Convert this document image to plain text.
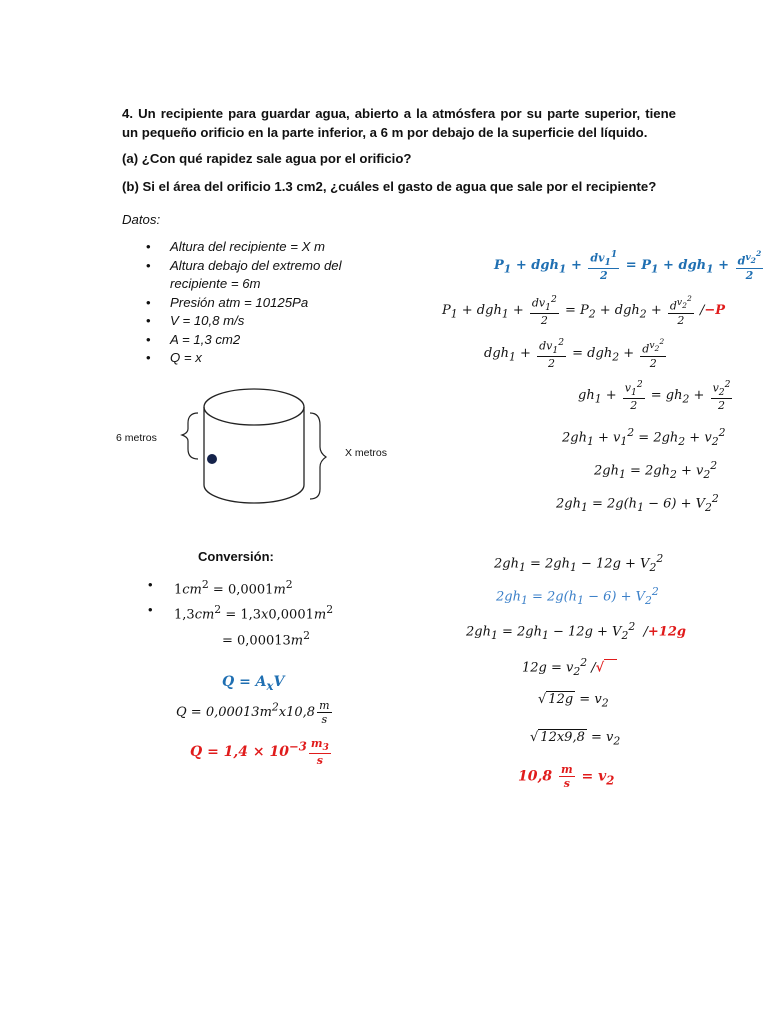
4. Un recipiente para guardar agua, abierto a la atmósfera por su parte superior, tiene un pequeño orificio en la parte inferior, a 6 m por debajo de la superficie del líquido.
(a) ¿Con qué rapidez sale agua por el orificio?
(b) Si el área del orificio 1.3 cm2, ¿cuáles el gasto de agua que sale por el recipiente?
Datos:
• Altura del recipiente = X m
• Altura debajo del extremo del recipiente = 6m
• Presión atm = 10125Pa
• V = 10,8 m/s
• A = 1,3 cm2
• Q = x
6 metros
X metros
Conversión:
• $1cm^2 = 0,0001m^2$
• $1,3cm^2 = 1,3x0,0001m^2$
= $0,00013m^2$
$Q = A_xV$
$Q = 0,00013m^2x10,8 \frac{m}{s}$
$Q = 1,4 \times 10^{-3} \frac{m_3}{s}$
$P_1 + dgh_1 + \frac{dv_1^1}{2} = P_1 + dgh_1 + \frac{d^{v_2^2}}{2}$
$P_1 + dgh_1 + \frac{dv_1^2}{2} = P_2 + dgh_2 + \frac{d^{v_2^2}}{2} /-P$
$dgh_1 + \frac{dv_1^2}{2} = dgh_2 + \frac{d^{v_2^2}}{2}$
$gh_1 + \frac{v_1^2}{2} = gh_2 + \frac{v_2^2}{2}$
$2gh_1 + v_1^2 = 2gh_2 + v_2^2$
$2gh_1 = 2gh_2 + v_2^2$
$2gh_1 = 2g(h_1 - 6) + V_2^2$
$2gh_1 = 2gh_1 - 12g + V_2^2$
$2gh_1 = 2g(h_1 - 6) + V_2^2$
$2gh_1 = 2gh_1 - 12g + V_2^2$  /+12g
$12g = v_2^2$ /√
√ $12g = v_2$
√ $12x9,8 = v_2$
$10,8 \frac{m}{s} = v_2$
